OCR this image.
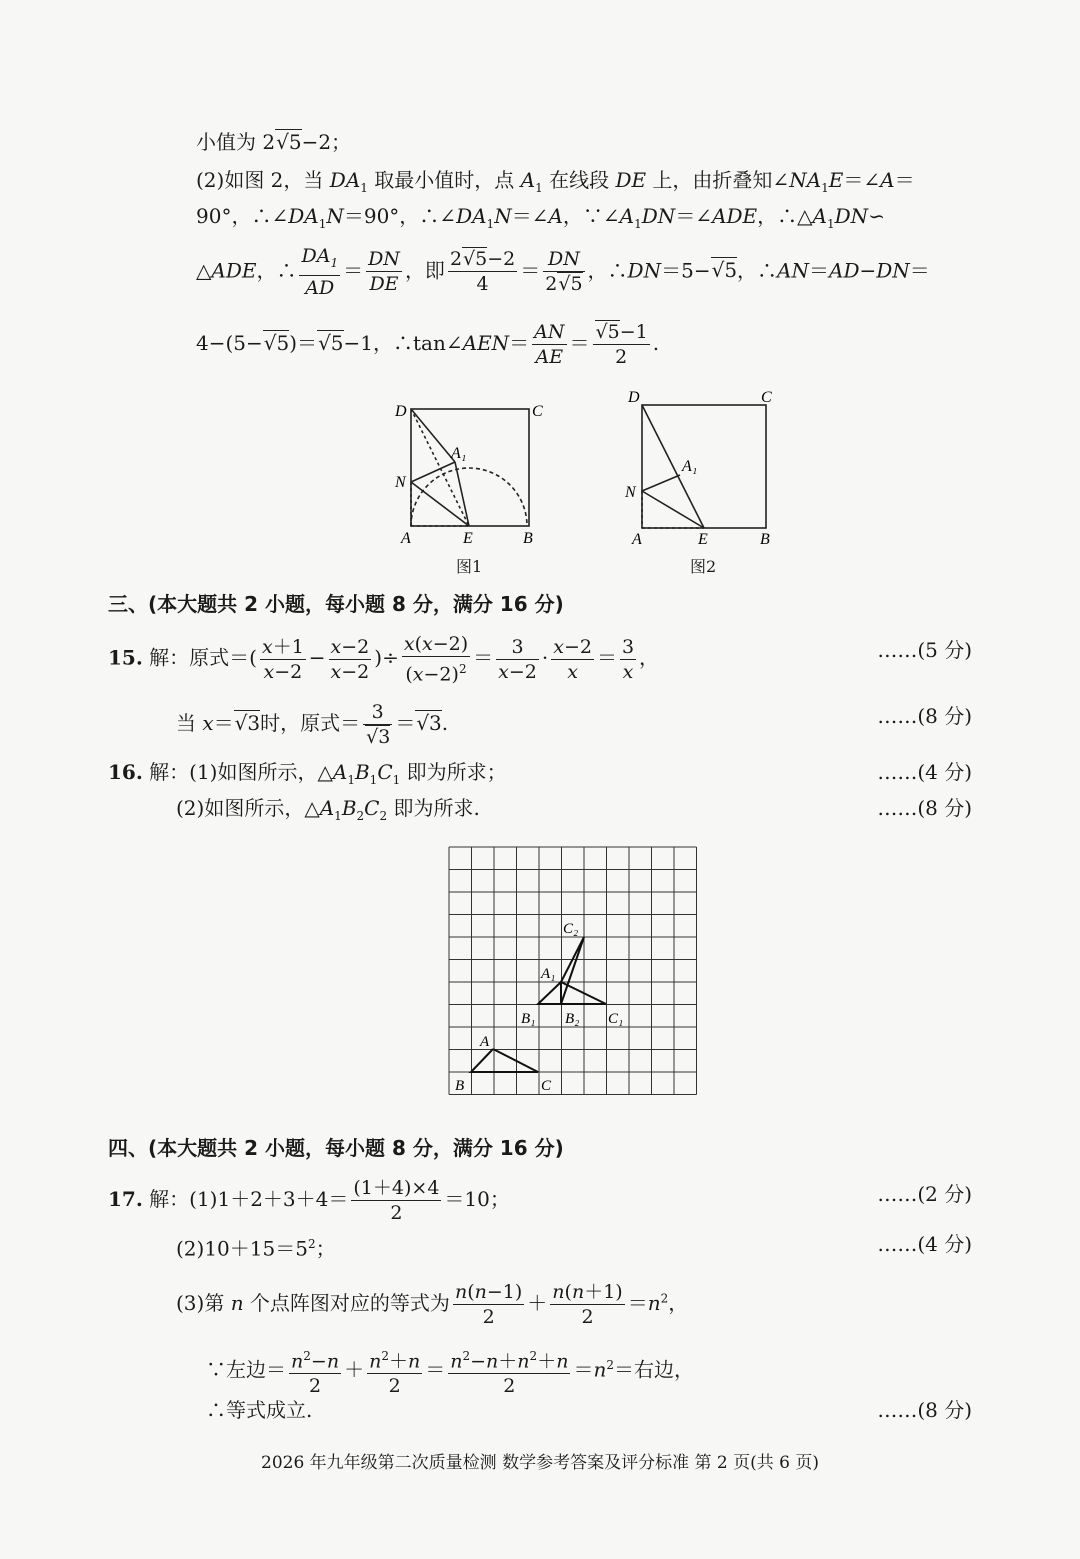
小值为 2√5−2；
(2)如图 2，当 $DA_1$ 取最小值时，点 $A_1$ 在线段 DE 上，由折叠知$\angle NA_1E=\angle A=$
90°，$\therefore\angle DA_1N=90^\circ$，$\therefore\angle DA_1N=\angle A$，$\because\angle A_1DN=\angle ADE$，$\therefore\triangle A_1DN∽$
△ADE，∴ $\frac{DA_1}{AD} = \frac{DN}{DE}$ ，即 $\frac{2√5-2}{4} = \frac{DN}{2√5}$ ，∴DN＝5−√5，∴AN＝AD−DN＝
4−(5−√5)＝√5−1，∴tan∠AEN＝ $\frac{AN}{AE} = \frac{√5-1}{2}$ .
D	C
A₁
N
A	E	B
图1
D	C
A₁
N
A	E	B
图2
三、(本大题共 2 小题，每小题 8 分，满分 16 分)
15. 解：原式＝( $\frac{x+1}{x-2} - \frac{x-2}{x-2}$ )÷ $\frac{x(x-2)}{(x-2)^2} = \frac{3}{x-2} \cdot \frac{x-2}{x} = \frac{3}{x}$ ，	……(5 分)
当 x＝√3时，原式＝ $\frac{3}{√3} =√3$.	……(8 分)
16. 解：(1)如图所示，$\triangle A_1B_1C_1$ 即为所求；	……(4 分)
(2)如图所示，$\triangle A_1B_2C_2$ 即为所求.	……(8 分)
C₂
A₁
B₁ B₂ C₁
A
B	C
四、(本大题共 2 小题，每小题 8 分，满分 16 分)
17. 解：$(1)1+2+3+4= \frac{(1+4)\times 4}{2} =10$；	……(2 分)
$(2)10+15=5^2$；	……(4 分)
(3)第 n 个点阵图对应的等式为 $\frac{n(n-1)}{2} + \frac{n(n+1)}{2} =n^2$，
∵左边＝ $\frac{n^2-n}{2} + \frac{n^2+n}{2} = \frac{n^2-n+n^2+n}{2} =n^2=$右边，
∴等式成立.	……(8 分)
2026 年九年级第二次质量检测 数学参考答案及评分标准 第 2 页(共 6 页)
